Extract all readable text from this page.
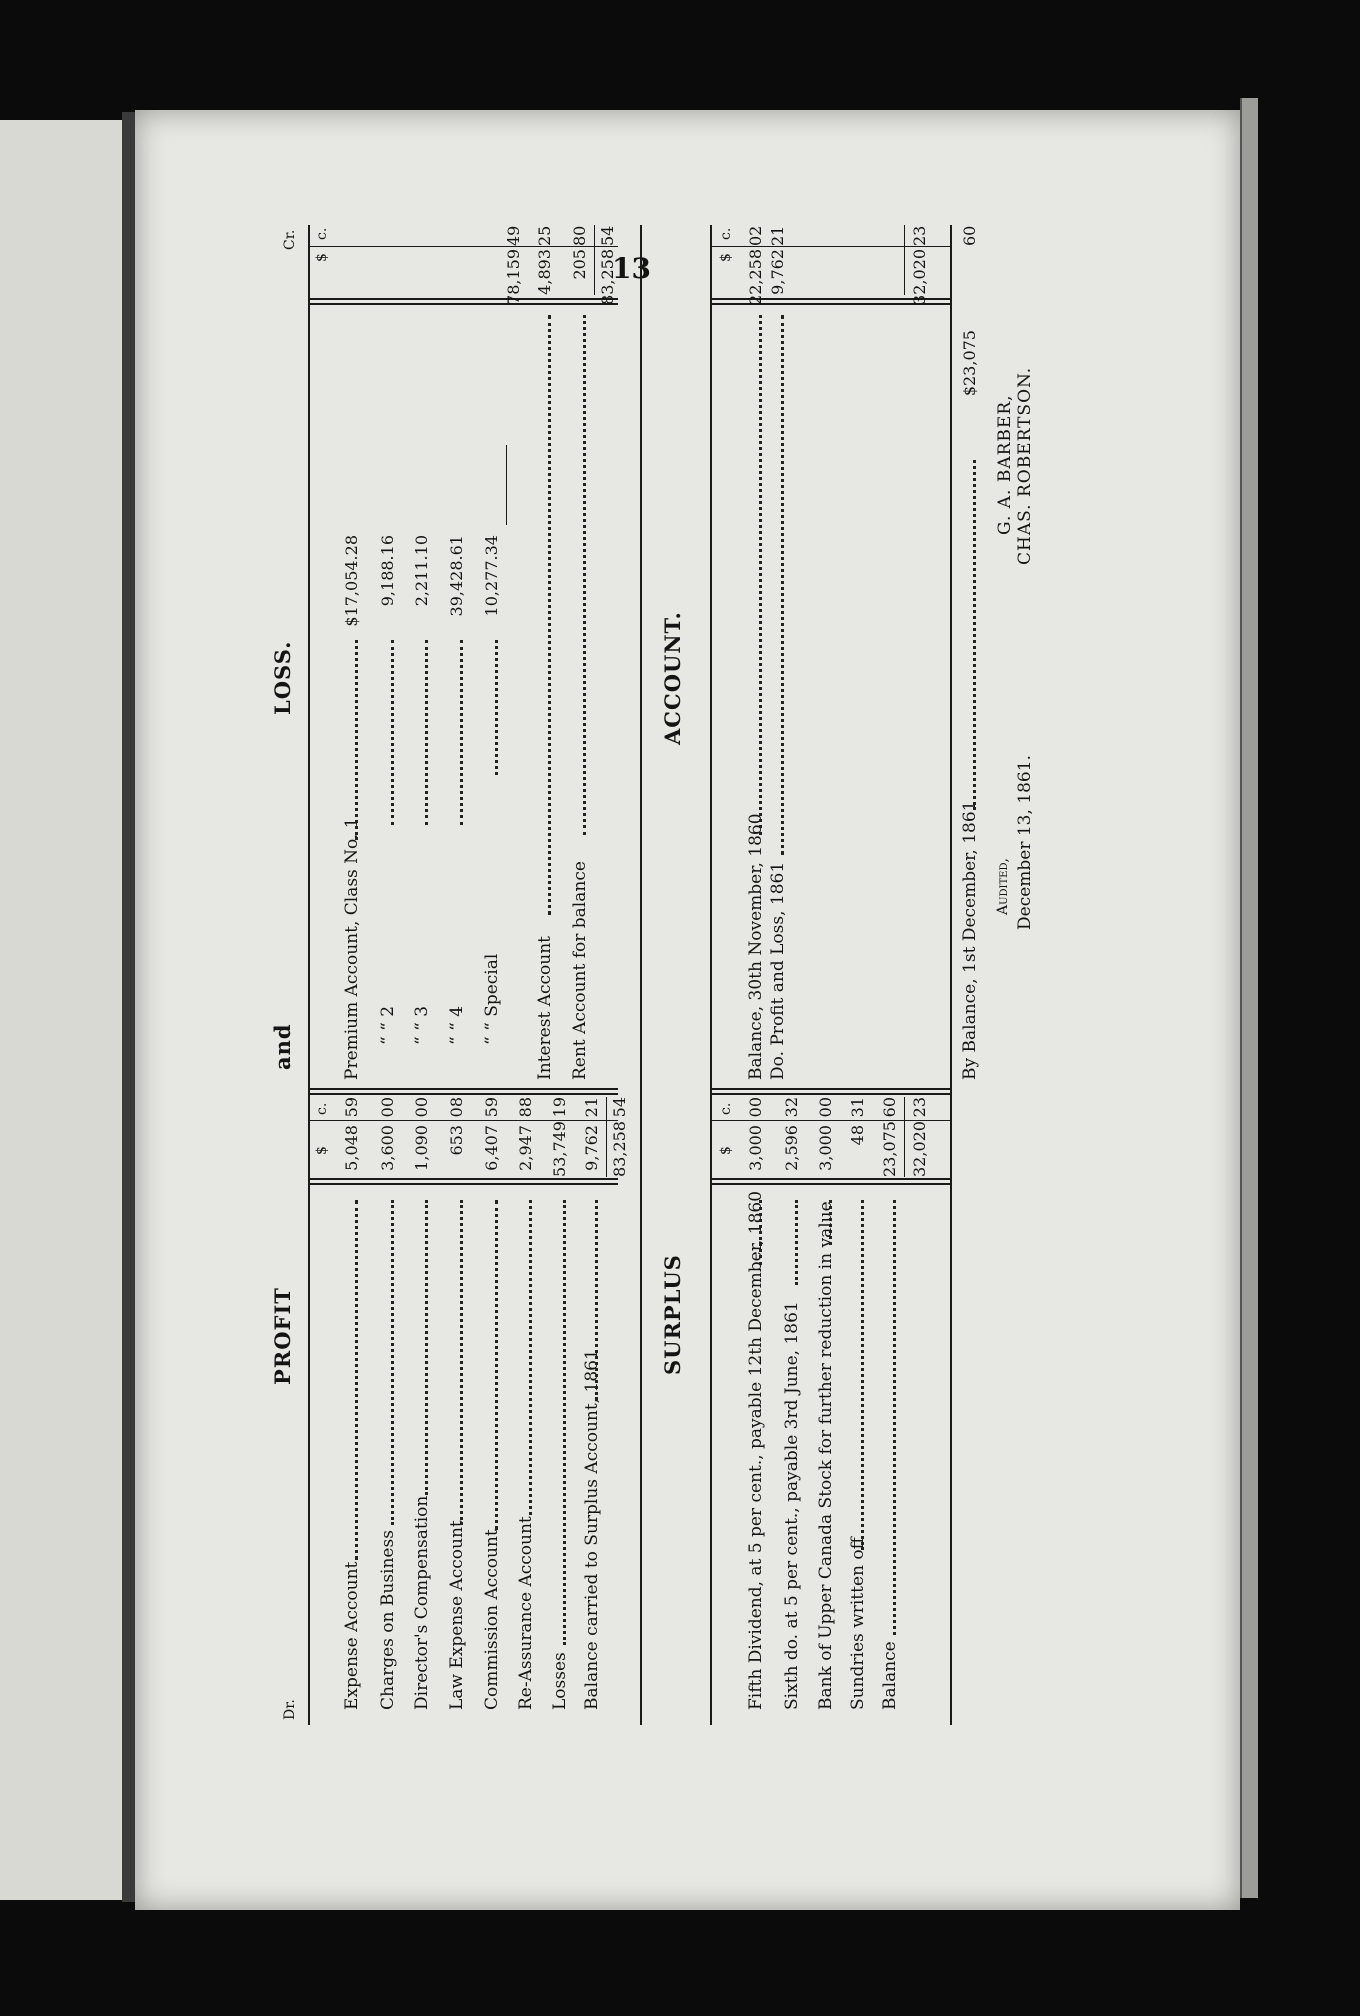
13
PROFIT
and
LOSS.
Dr.
Cr.
$
c.
$
c.
Expense Account
5,048
59
Charges on Business
3,600
00
Director's Compensation
1,090
00
Law Expense Account
653
08
Commission Account
6,407
59
Re-Assurance Account
2,947
88
Losses
53,749
19
Balance carried to Surplus Account, 1861
9,762
21
83,258
54
Premium Account, Class No. 1
$17,054.28
“ “ 2
9,188.16
“ “ 3
2,211.10
“ “ 4
39,428.61
“ “ Special
10,277.34
78,159
49
Interest Account
4,893
25
Rent Account for balance
205
80
83,258
54
SURPLUS
ACCOUNT.
$
c.
$
c.
Fifth Dividend, at 5 per cent., payable 12th December, 1860
3,000
00
Sixth do. at 5 per cent., payable 3rd June, 1861
2,596
32
Bank of Upper Canada Stock for further reduction in value
3,000
00
Sundries written off
48
31
Balance
23,075
60
32,020
23
Balance, 30th November, 1860
22,258
02
Do. Profit and Loss, 1861
9,762
21
32,020
23
By Balance, 1st December, 1861
$23,075
60
Audited, December 13, 1861.
G. A. BARBER, CHAS. ROBERTSON.
